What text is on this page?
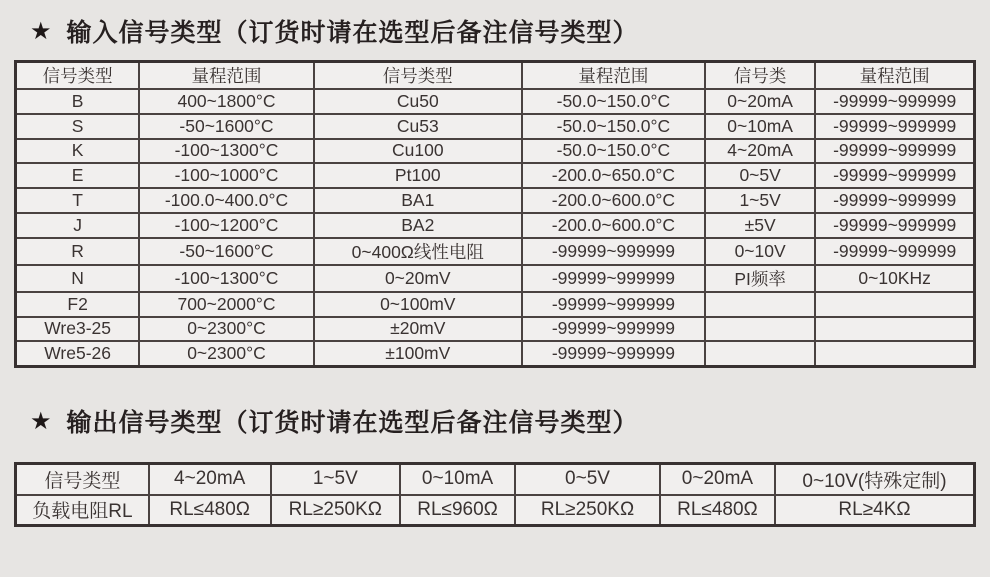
★ 输入信号类型（订货时请在选型后备注信号类型）
信号类型	量程范围	信号类型	量程范围	信号类	量程范围
B	400~1800°C	Cu50	-50.0~150.0°C	0~20mA	-99999~999999
S	-50~1600°C	Cu53	-50.0~150.0°C	0~10mA	-99999~999999
K	-100~1300°C	Cu100	-50.0~150.0°C	4~20mA	-99999~999999
E	-100~1000°C	Pt100	-200.0~650.0°C	0~5V	-99999~999999
T	-100.0~400.0°C	BA1	-200.0~600.0°C	1~5V	-99999~999999
J	-100~1200°C	BA2	-200.0~600.0°C	±5V	-99999~999999
R	-50~1600°C	0~400Ω线性电阻	-99999~999999	0~10V	-99999~999999
N	-100~1300°C	0~20mV	-99999~999999	PI频率	0~10KHz
F2	700~2000°C	0~100mV	-99999~999999		
Wre3-25	0~2300°C	±20mV	-99999~999999		
Wre5-26	0~2300°C	±100mV	-99999~999999		
★ 输出信号类型（订货时请在选型后备注信号类型）
信号类型	4~20mA	1~5V	0~10mA	0~5V	0~20mA	0~10V(特殊定制)
负载电阻RL	RL≤480Ω	RL≥250KΩ	RL≤960Ω	RL≥250KΩ	RL≤480Ω	RL≥4KΩ
